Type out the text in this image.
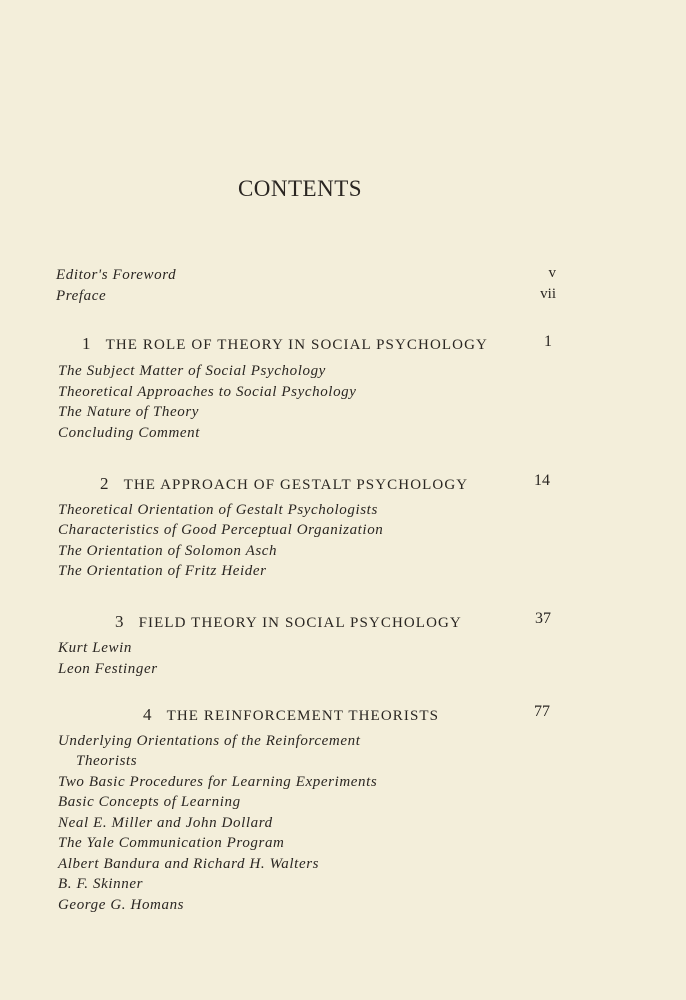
CONTENTS
Editor's Foreword	v
Preface	vii
1 THE ROLE OF THEORY IN SOCIAL PSYCHOLOGY	1
The Subject Matter of Social Psychology
Theoretical Approaches to Social Psychology
The Nature of Theory
Concluding Comment
2 THE APPROACH OF GESTALT PSYCHOLOGY	14
Theoretical Orientation of Gestalt Psychologists
Characteristics of Good Perceptual Organization
The Orientation of Solomon Asch
The Orientation of Fritz Heider
3 FIELD THEORY IN SOCIAL PSYCHOLOGY	37
Kurt Lewin
Leon Festinger
4 THE REINFORCEMENT THEORISTS	77
Underlying Orientations of the Reinforcement
Theorists
Two Basic Procedures for Learning Experiments
Basic Concepts of Learning
Neal E. Miller and John Dollard
The Yale Communication Program
Albert Bandura and Richard H. Walters
B. F. Skinner
George G. Homans
